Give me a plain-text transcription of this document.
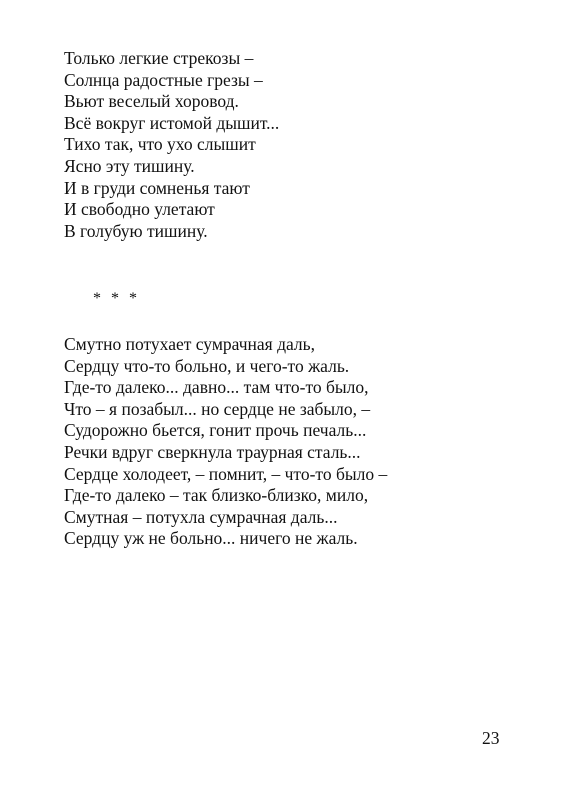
Только легкие стрекозы –
Солнца радостные грезы –
Вьют веселый хоровод.
Всё вокруг истомой дышит...
Тихо так, что ухо слышит
Ясно эту тишину.
И в груди сомненья тают
И свободно улетают
В голубую тишину.
* * *
Смутно потухает сумрачная даль,
Сердцу что-то больно, и чего-то жаль.
Где-то далеко... давно... там что-то было,
Что – я позабыл... но сердце не забыло, –
Судорожно бьется, гонит прочь печаль...
Речки вдруг сверкнула траурная сталь...
Сердце холодеет, – помнит, – что-то было –
Где-то далеко – так близко-близко, мило,
Смутная – потухла сумрачная даль...
Сердцу уж не больно... ничего не жаль.
23
